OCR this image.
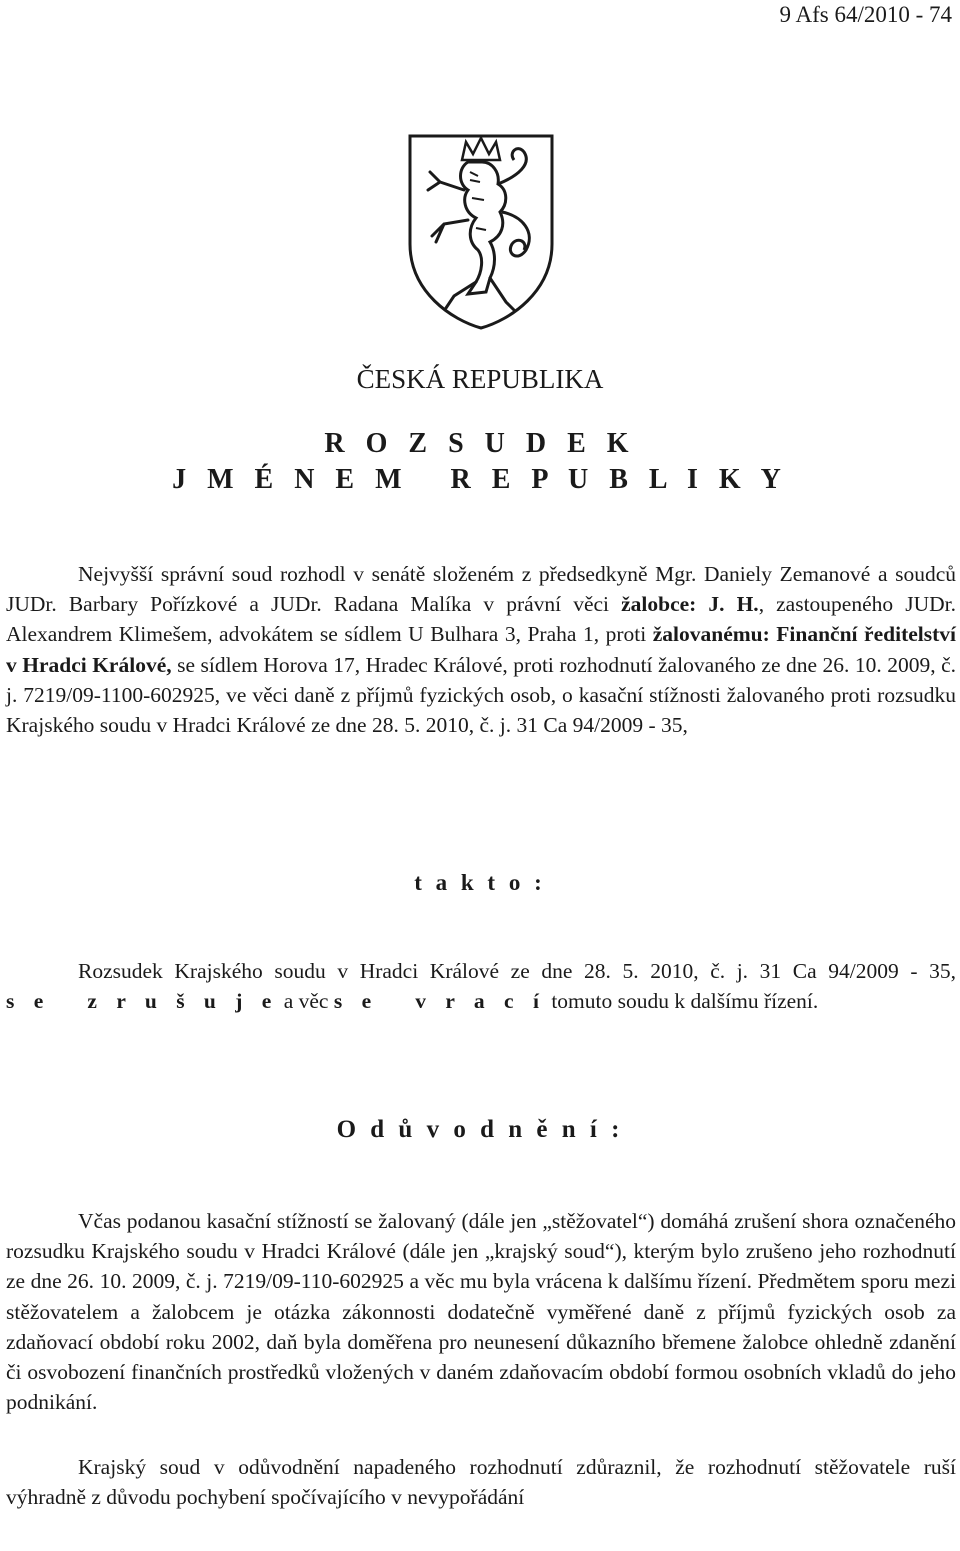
9 Afs 64/2010 - 74
ČESKÁ REPUBLIKA
R O Z S U D E K
J M É N E M   R E P U B L I K Y
Nejvyšší správní soud rozhodl v senátě složeném z předsedkyně Mgr. Daniely Zemanové a soudců JUDr. Barbary Pořízkové a JUDr. Radana Malíka v právní věci žalobce: J. H., zastoupeného JUDr. Alexandrem Klimešem, advokátem se sídlem U Bulhara 3, Praha 1, proti žalovanému: Finanční ředitelství v Hradci Králové, se sídlem Horova 17, Hradec Králové, proti rozhodnutí žalovaného ze dne 26. 10. 2009, č. j. 7219/09-1100-602925, ve věci daně z příjmů fyzických osob, o kasační stížnosti žalovaného proti rozsudku Krajského soudu v Hradci Králové ze dne 28. 5. 2010, č. j. 31 Ca 94/2009 - 35,
t a k t o :
Rozsudek Krajského soudu v Hradci Králové ze dne 28. 5. 2010, č. j. 31 Ca 94/2009 - 35, s e   z r u š u j e a věc s e   v r a c í tomuto soudu k dalšímu řízení.
O d ů v o d n ě n í :
Včas podanou kasační stížností se žalovaný (dále jen „stěžovatel“) domáhá zrušení shora označeného rozsudku Krajského soudu v Hradci Králové (dále jen „krajský soud“), kterým bylo zrušeno jeho rozhodnutí ze dne 26. 10. 2009, č. j. 7219/09-110-602925 a věc mu byla vrácena k dalšímu řízení. Předmětem sporu mezi stěžovatelem a žalobcem je otázka zákonnosti dodatečně vyměřené daně z příjmů fyzických osob za zdaňovací období roku 2002, daň byla doměřena pro neunesení důkazního břemene žalobce ohledně zdanění či osvobození finančních prostředků vložených v daném zdaňovacím období formou osobních vkladů do jeho podnikání.
Krajský soud v odůvodnění napadeného rozhodnutí zdůraznil, že rozhodnutí stěžovatele ruší výhradně z důvodu pochybení spočívajícího v nevypořádání
